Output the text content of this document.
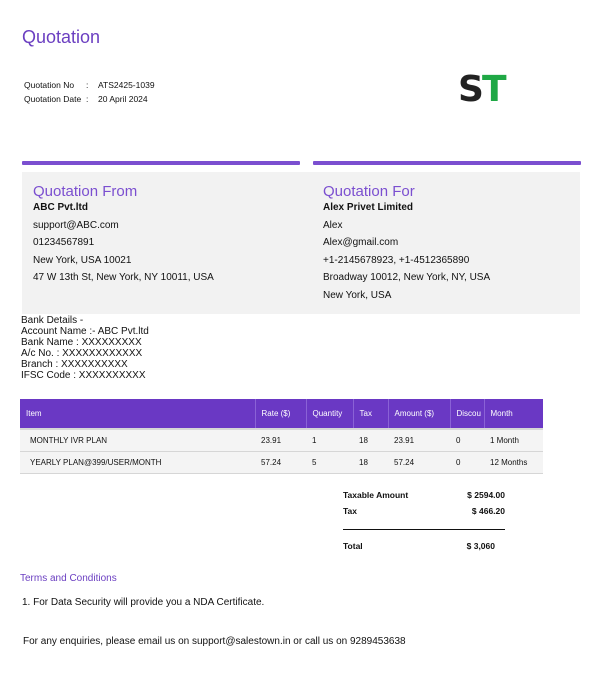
Quotation
Quotation No	:	ATS2425-1039
Quotation Date :	20 April 2024	ST
Quotation From
ABC Pvt.ltd
support@ABC.com
01234567891
New York, USA 10021
47 W 13th St, New York, NY 10011, USA
Quotation For
Alex Privet Limited
Alex
Alex@gmail.com
+1-2145678923, +1-4512365890
Broadway 10012, New York, NY, USA
New York, USA
Bank Details -
Account Name :- ABC Pvt.ltd
Bank Name : XXXXXXXXX
A/c No. : XXXXXXXXXXXX
Branch : XXXXXXXXXX
IFSC Code : XXXXXXXXXX
Item	Rate ($)	Quantity	Tax	Amount ($)	Discou	Month
MONTHLY IVR PLAN	23.91	1	18	23.91	0	1 Month
YEARLY PLAN@399/USER/MONTH	57.24	5	18	57.24	0	12 Months
Taxable Amount	$ 2594.00
Tax	$ 466.20
Total	$ 3,060
Terms and Conditions
1. For Data Security will provide you a NDA Certificate.
For any enquiries, please email us on support@salestown.in or call us on 9289453638
